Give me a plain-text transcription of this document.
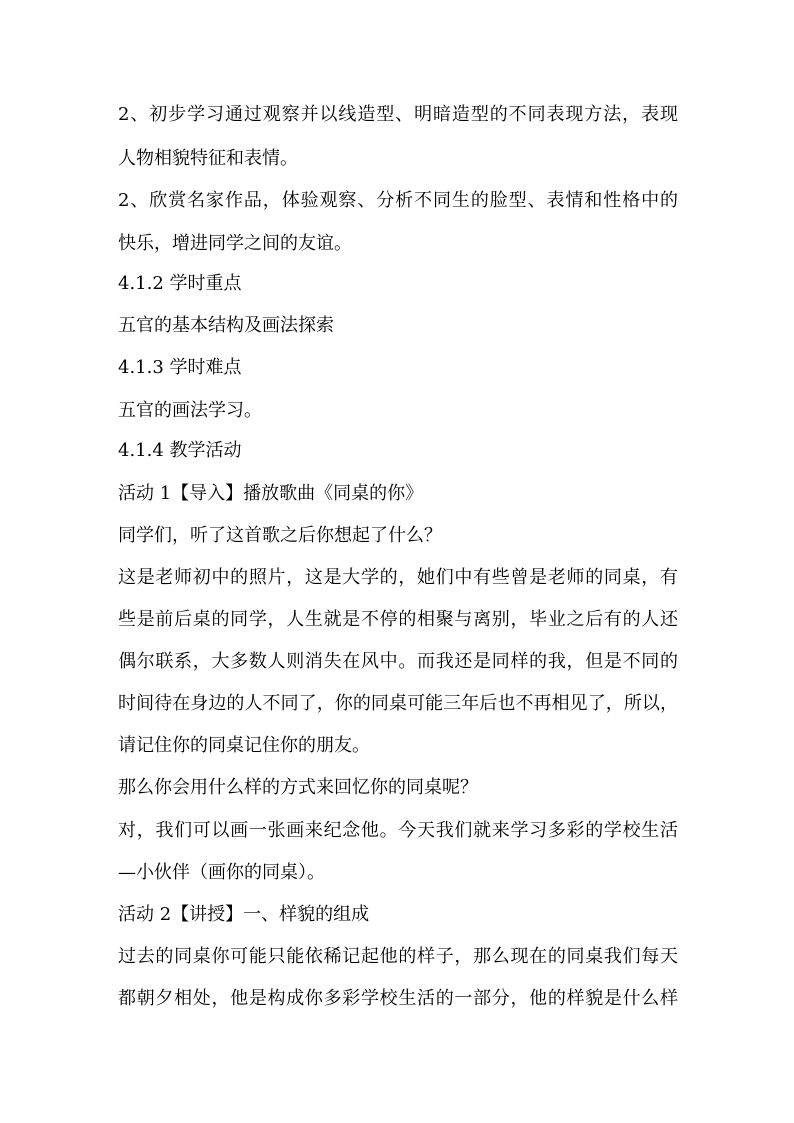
2、初步学习通过观察并以线造型、明暗造型的不同表现方法，表现
人物相貌特征和表情。
2、欣赏名家作品，体验观察、分析不同生的脸型、表情和性格中的
快乐，增进同学之间的友谊。
4.1.2 学时重点
五官的基本结构及画法探索
4.1.3 学时难点
五官的画法学习。
4.1.4 教学活动
活动 1【导入】播放歌曲《同桌的你》
同学们，听了这首歌之后你想起了什么？
这是老师初中的照片，这是大学的，她们中有些曾是老师的同桌，有
些是前后桌的同学，人生就是不停的相聚与离别，毕业之后有的人还
偶尔联系，大多数人则消失在风中。而我还是同样的我，但是不同的
时间待在身边的人不同了，你的同桌可能三年后也不再相见了，所以，
请记住你的同桌记住你的朋友。
那么你会用什么样的方式来回忆你的同桌呢？
对，我们可以画一张画来纪念他。今天我们就来学习多彩的学校生活
—小伙伴（画你的同桌）。
活动 2【讲授】一、样貌的组成
过去的同桌你可能只能依稀记起他的样子，那么现在的同桌我们每天
都朝夕相处，他是构成你多彩学校生活的一部分，他的样貌是什么样
